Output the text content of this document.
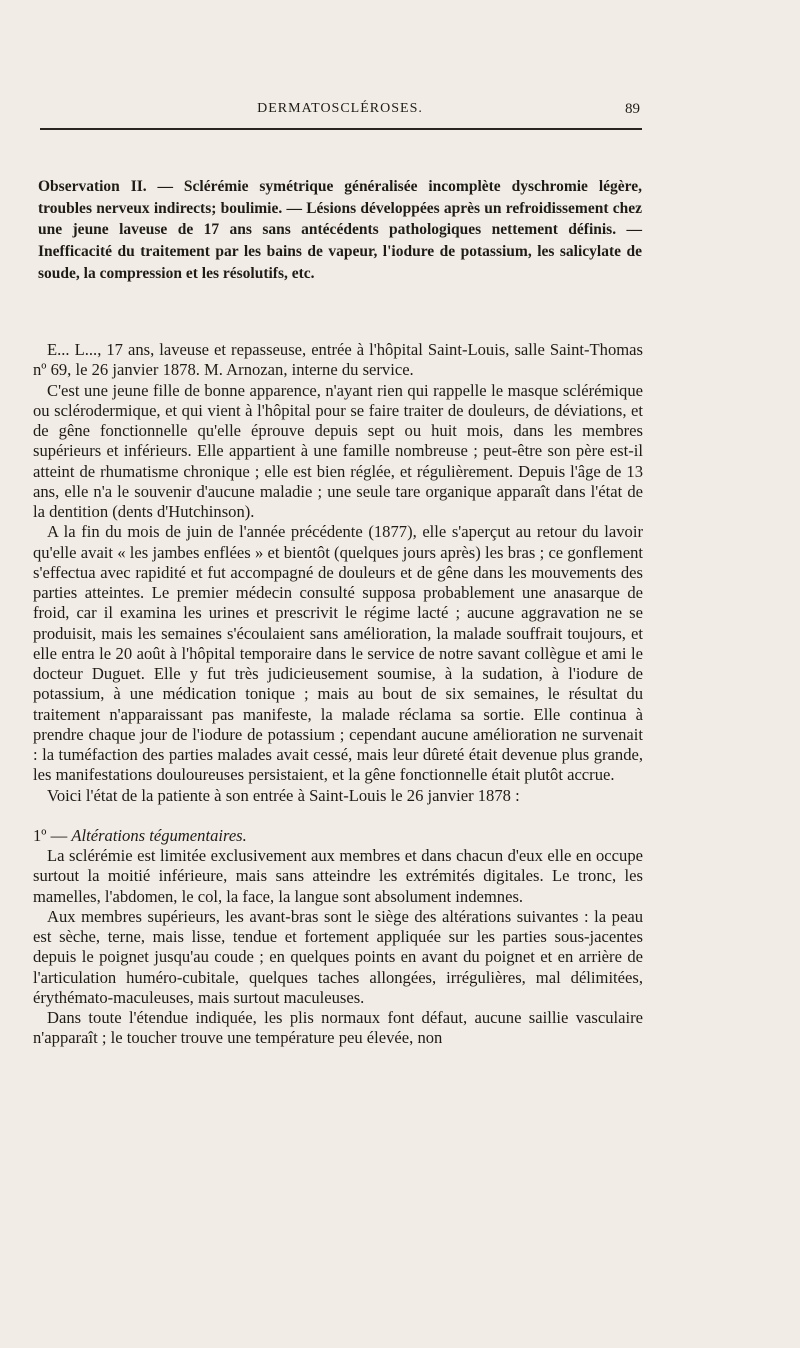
DERMATOSCLÉROSES.	89

Observation II. — Sclérémie symétrique généralisée incomplète dyschromie légère, troubles nerveux indirects; boulimie. — Lésions développées après un refroidissement chez une jeune laveuse de 17 ans sans antécédents pathologiques nettement définis. — Inefficacité du traitement par les bains de vapeur, l'iodure de potassium, les salicylate de soude, la compression et les résolutifs, etc.

E... L..., 17 ans, laveuse et repasseuse, entrée à l'hôpital Saint-Louis, salle Saint-Thomas nº 69, le 26 janvier 1878. M. Arnozan, interne du service.

C'est une jeune fille de bonne apparence, n'ayant rien qui rappelle le masque sclérémique ou sclérodermique, et qui vient à l'hôpital pour se faire traiter de douleurs, de déviations, et de gêne fonctionnelle qu'elle éprouve depuis sept ou huit mois, dans les membres supérieurs et inférieurs. Elle appartient à une famille nombreuse ; peut-être son père est-il atteint de rhumatisme chronique ; elle est bien réglée, et régulièrement. Depuis l'âge de 13 ans, elle n'a le souvenir d'aucune maladie ; une seule tare organique apparaît dans l'état de la dentition (dents d'Hutchinson).

A la fin du mois de juin de l'année précédente (1877), elle s'aperçut au retour du lavoir qu'elle avait « les jambes enflées » et bientôt (quelques jours après) les bras ; ce gonflement s'effectua avec rapidité et fut accompagné de douleurs et de gêne dans les mouvements des parties atteintes. Le premier médecin consulté supposa probablement une anasarque de froid, car il examina les urines et prescrivit le régime lacté ; aucune aggravation ne se produisit, mais les semaines s'écoulaient sans amélioration, la malade souffrait toujours, et elle entra le 20 août à l'hôpital temporaire dans le service de notre savant collègue et ami le docteur Duguet. Elle y fut très judicieusement soumise, à la sudation, à l'iodure de potassium, à une médication tonique ; mais au bout de six semaines, le résultat du traitement n'apparaissant pas manifeste, la malade réclama sa sortie. Elle continua à prendre chaque jour de l'iodure de potassium ; cependant aucune amélioration ne survenait : la tuméfaction des parties malades avait cessé, mais leur dûreté était devenue plus grande, les manifestations douloureuses persistaient, et la gêne fonctionnelle était plutôt accrue.

Voici l'état de la patiente à son entrée à Saint-Louis le 26 janvier 1878 :

1º — Altérations tégumentaires.

La sclérémie est limitée exclusivement aux membres et dans chacun d'eux elle en occupe surtout la moitié inférieure, mais sans atteindre les extrémités digitales. Le tronc, les mamelles, l'abdomen, le col, la face, la langue sont absolument indemnes.

Aux membres supérieurs, les avant-bras sont le siège des altérations suivantes : la peau est sèche, terne, mais lisse, tendue et fortement appliquée sur les parties sous-jacentes depuis le poignet jusqu'au coude ; en quelques points en avant du poignet et en arrière de l'articulation huméro-cubitale, quelques taches allongées, irrégulières, mal délimitées, érythémato-maculeuses, mais surtout maculeuses.

Dans toute l'étendue indiquée, les plis normaux font défaut, aucune saillie vasculaire n'apparaît ; le toucher trouve une température peu élevée, non
